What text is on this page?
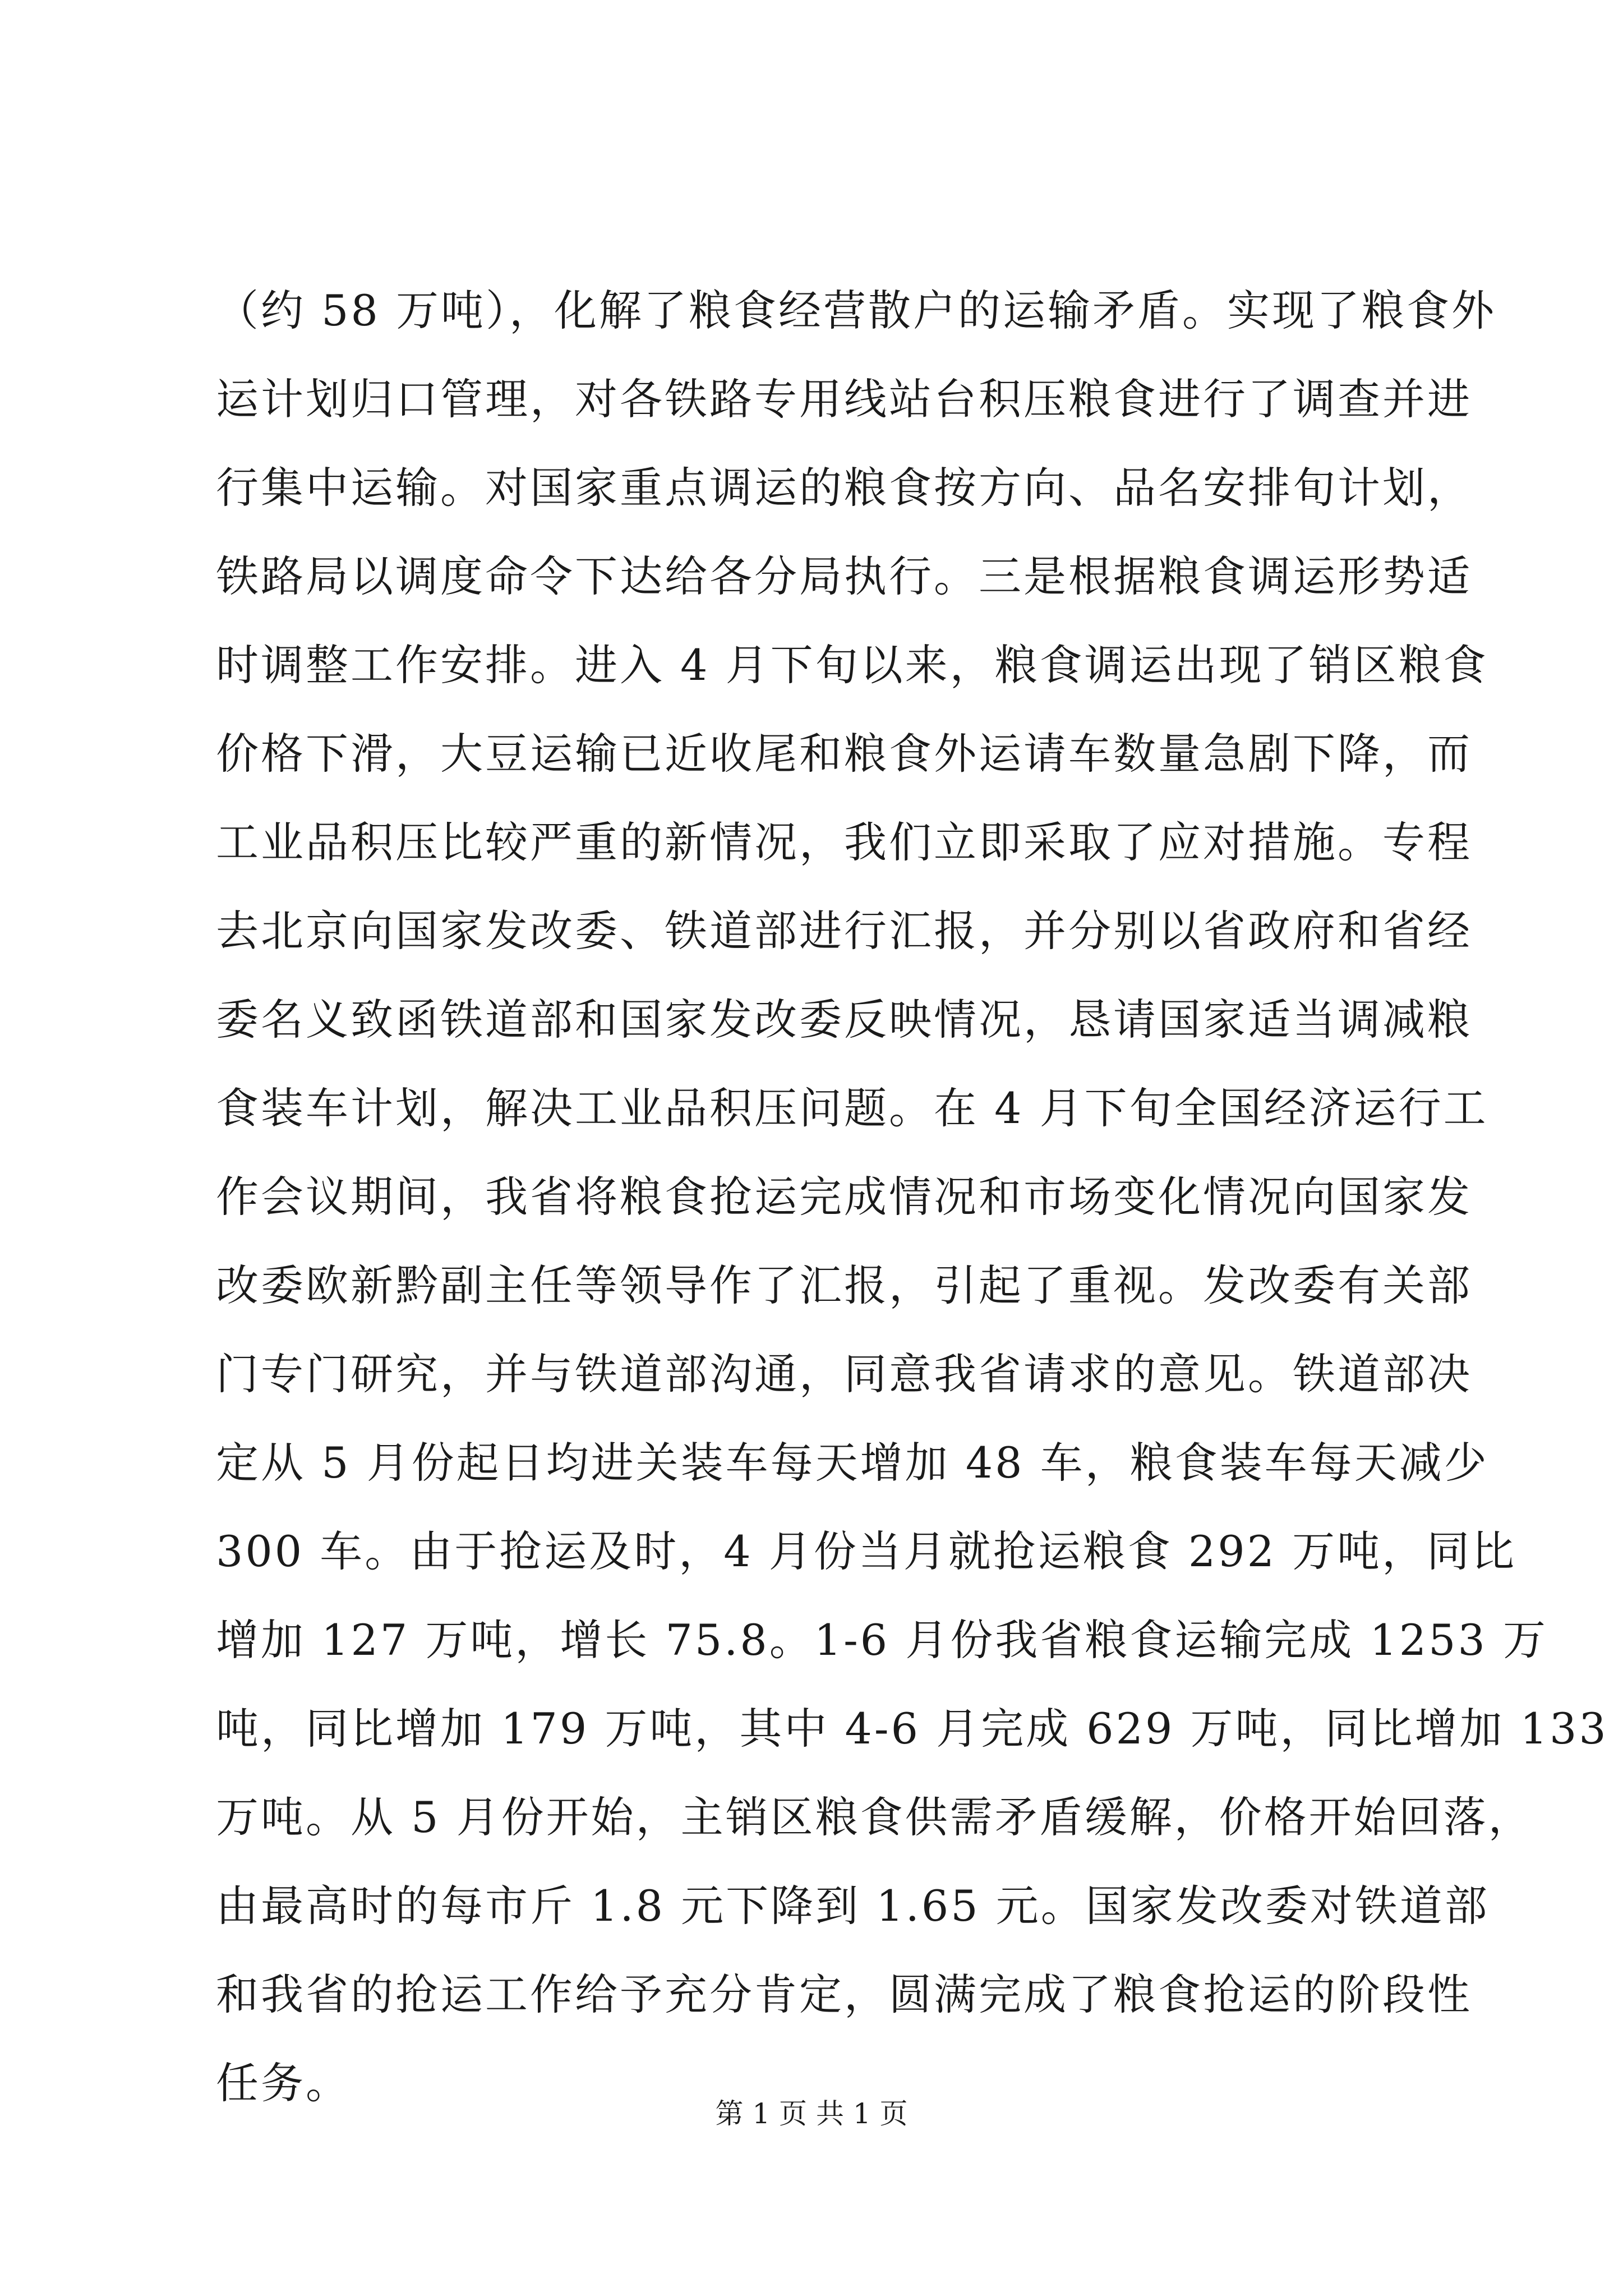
（约 58 万吨），化解了粮食经营散户的运输矛盾。实现了粮食外
运计划归口管理，对各铁路专用线站台积压粮食进行了调查并进
行集中运输。对国家重点调运的粮食按方向、品名安排旬计划，
铁路局以调度命令下达给各分局执行。三是根据粮食调运形势适
时调整工作安排。进入 4 月下旬以来，粮食调运出现了销区粮食
价格下滑，大豆运输已近收尾和粮食外运请车数量急剧下降，而
工业品积压比较严重的新情况，我们立即采取了应对措施。专程
去北京向国家发改委、铁道部进行汇报，并分别以省政府和省经
委名义致函铁道部和国家发改委反映情况，恳请国家适当调减粮
食装车计划，解决工业品积压问题。在 4 月下旬全国经济运行工
作会议期间，我省将粮食抢运完成情况和市场变化情况向国家发
改委欧新黔副主任等领导作了汇报，引起了重视。发改委有关部
门专门研究，并与铁道部沟通，同意我省请求的意见。铁道部决
定从 5 月份起日均进关装车每天增加 48 车，粮食装车每天减少
300 车。由于抢运及时，4 月份当月就抢运粮食 292 万吨，同比
增加 127 万吨，增长 75.8。1-6 月份我省粮食运输完成 1253 万
吨，同比增加 179 万吨，其中 4-6 月完成 629 万吨，同比增加 133
万吨。从 5 月份开始，主销区粮食供需矛盾缓解，价格开始回落，
由最高时的每市斤 1.8 元下降到 1.65 元。国家发改委对铁道部
和我省的抢运工作给予充分肯定，圆满完成了粮食抢运的阶段性
任务。
第 1 页 共 1 页
